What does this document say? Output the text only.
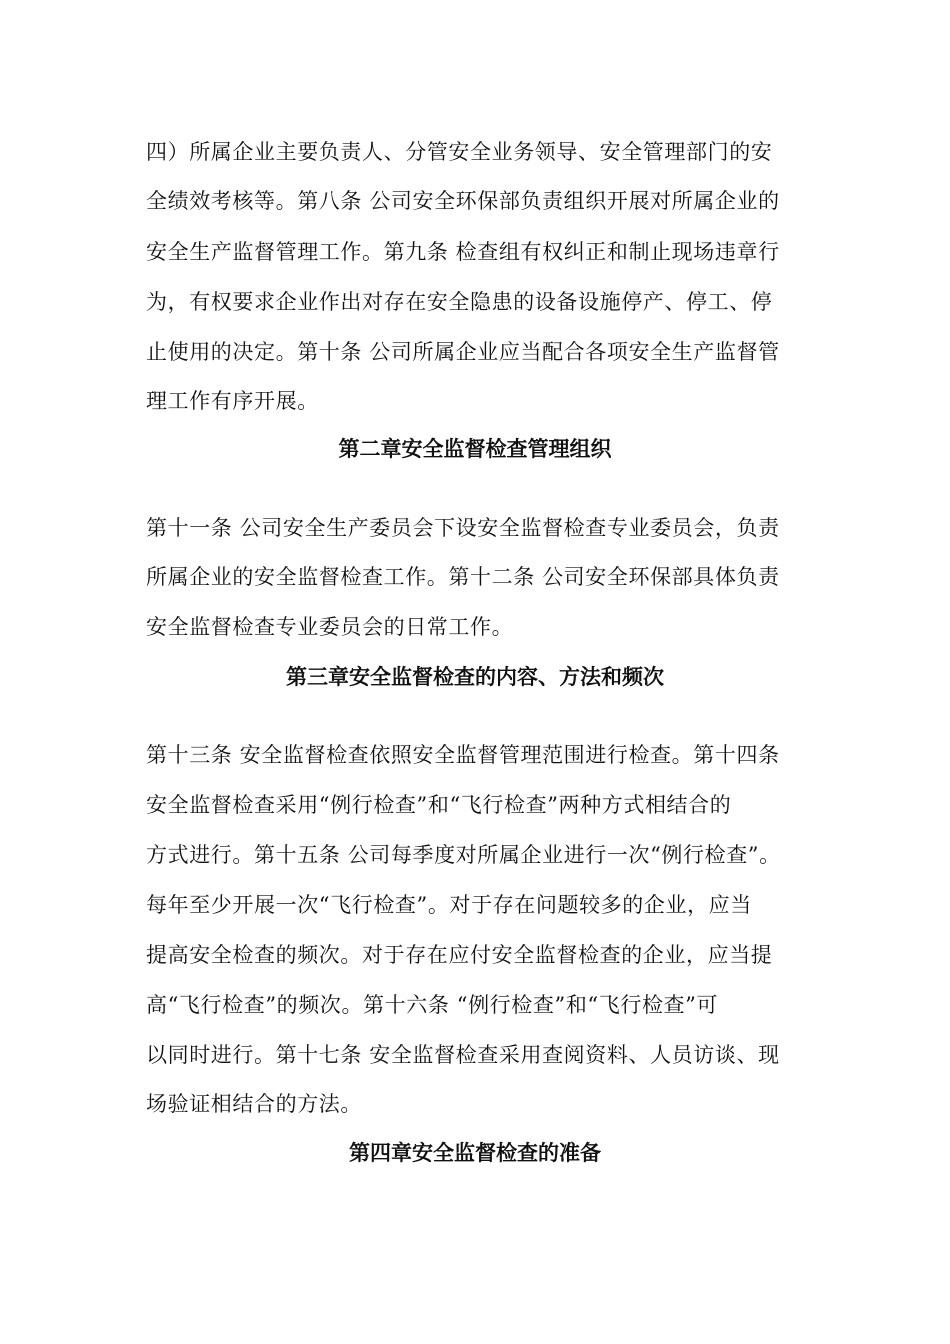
四）所属企业主要负责人、分管安全业务领导、安全管理部门的安
全绩效考核等。第八条 公司安全环保部负责组织开展对所属企业的
安全生产监督管理工作。第九条 检查组有权纠正和制止现场违章行
为，有权要求企业作出对存在安全隐患的设备设施停产、停工、停
止使用的决定。第十条 公司所属企业应当配合各项安全生产监督管
理工作有序开展。
第二章安全监督检查管理组织
第十一条 公司安全生产委员会下设安全监督检查专业委员会，负责
所属企业的安全监督检查工作。第十二条 公司安全环保部具体负责
安全监督检查专业委员会的日常工作。
第三章安全监督检查的内容、方法和频次
第十三条 安全监督检查依照安全监督管理范围进行检查。第十四条
安全监督检查采用“例行检查”和“飞行检查”两种方式相结合的
方式进行。第十五条 公司每季度对所属企业进行一次“例行检查”。
每年至少开展一次“飞行检查”。对于存在问题较多的企业，应当
提高安全检查的频次。对于存在应付安全监督检查的企业，应当提
高“飞行检查”的频次。第十六条 “例行检查”和“飞行检查”可
以同时进行。第十七条 安全监督检查采用查阅资料、人员访谈、现
场验证相结合的方法。
第四章安全监督检查的准备
